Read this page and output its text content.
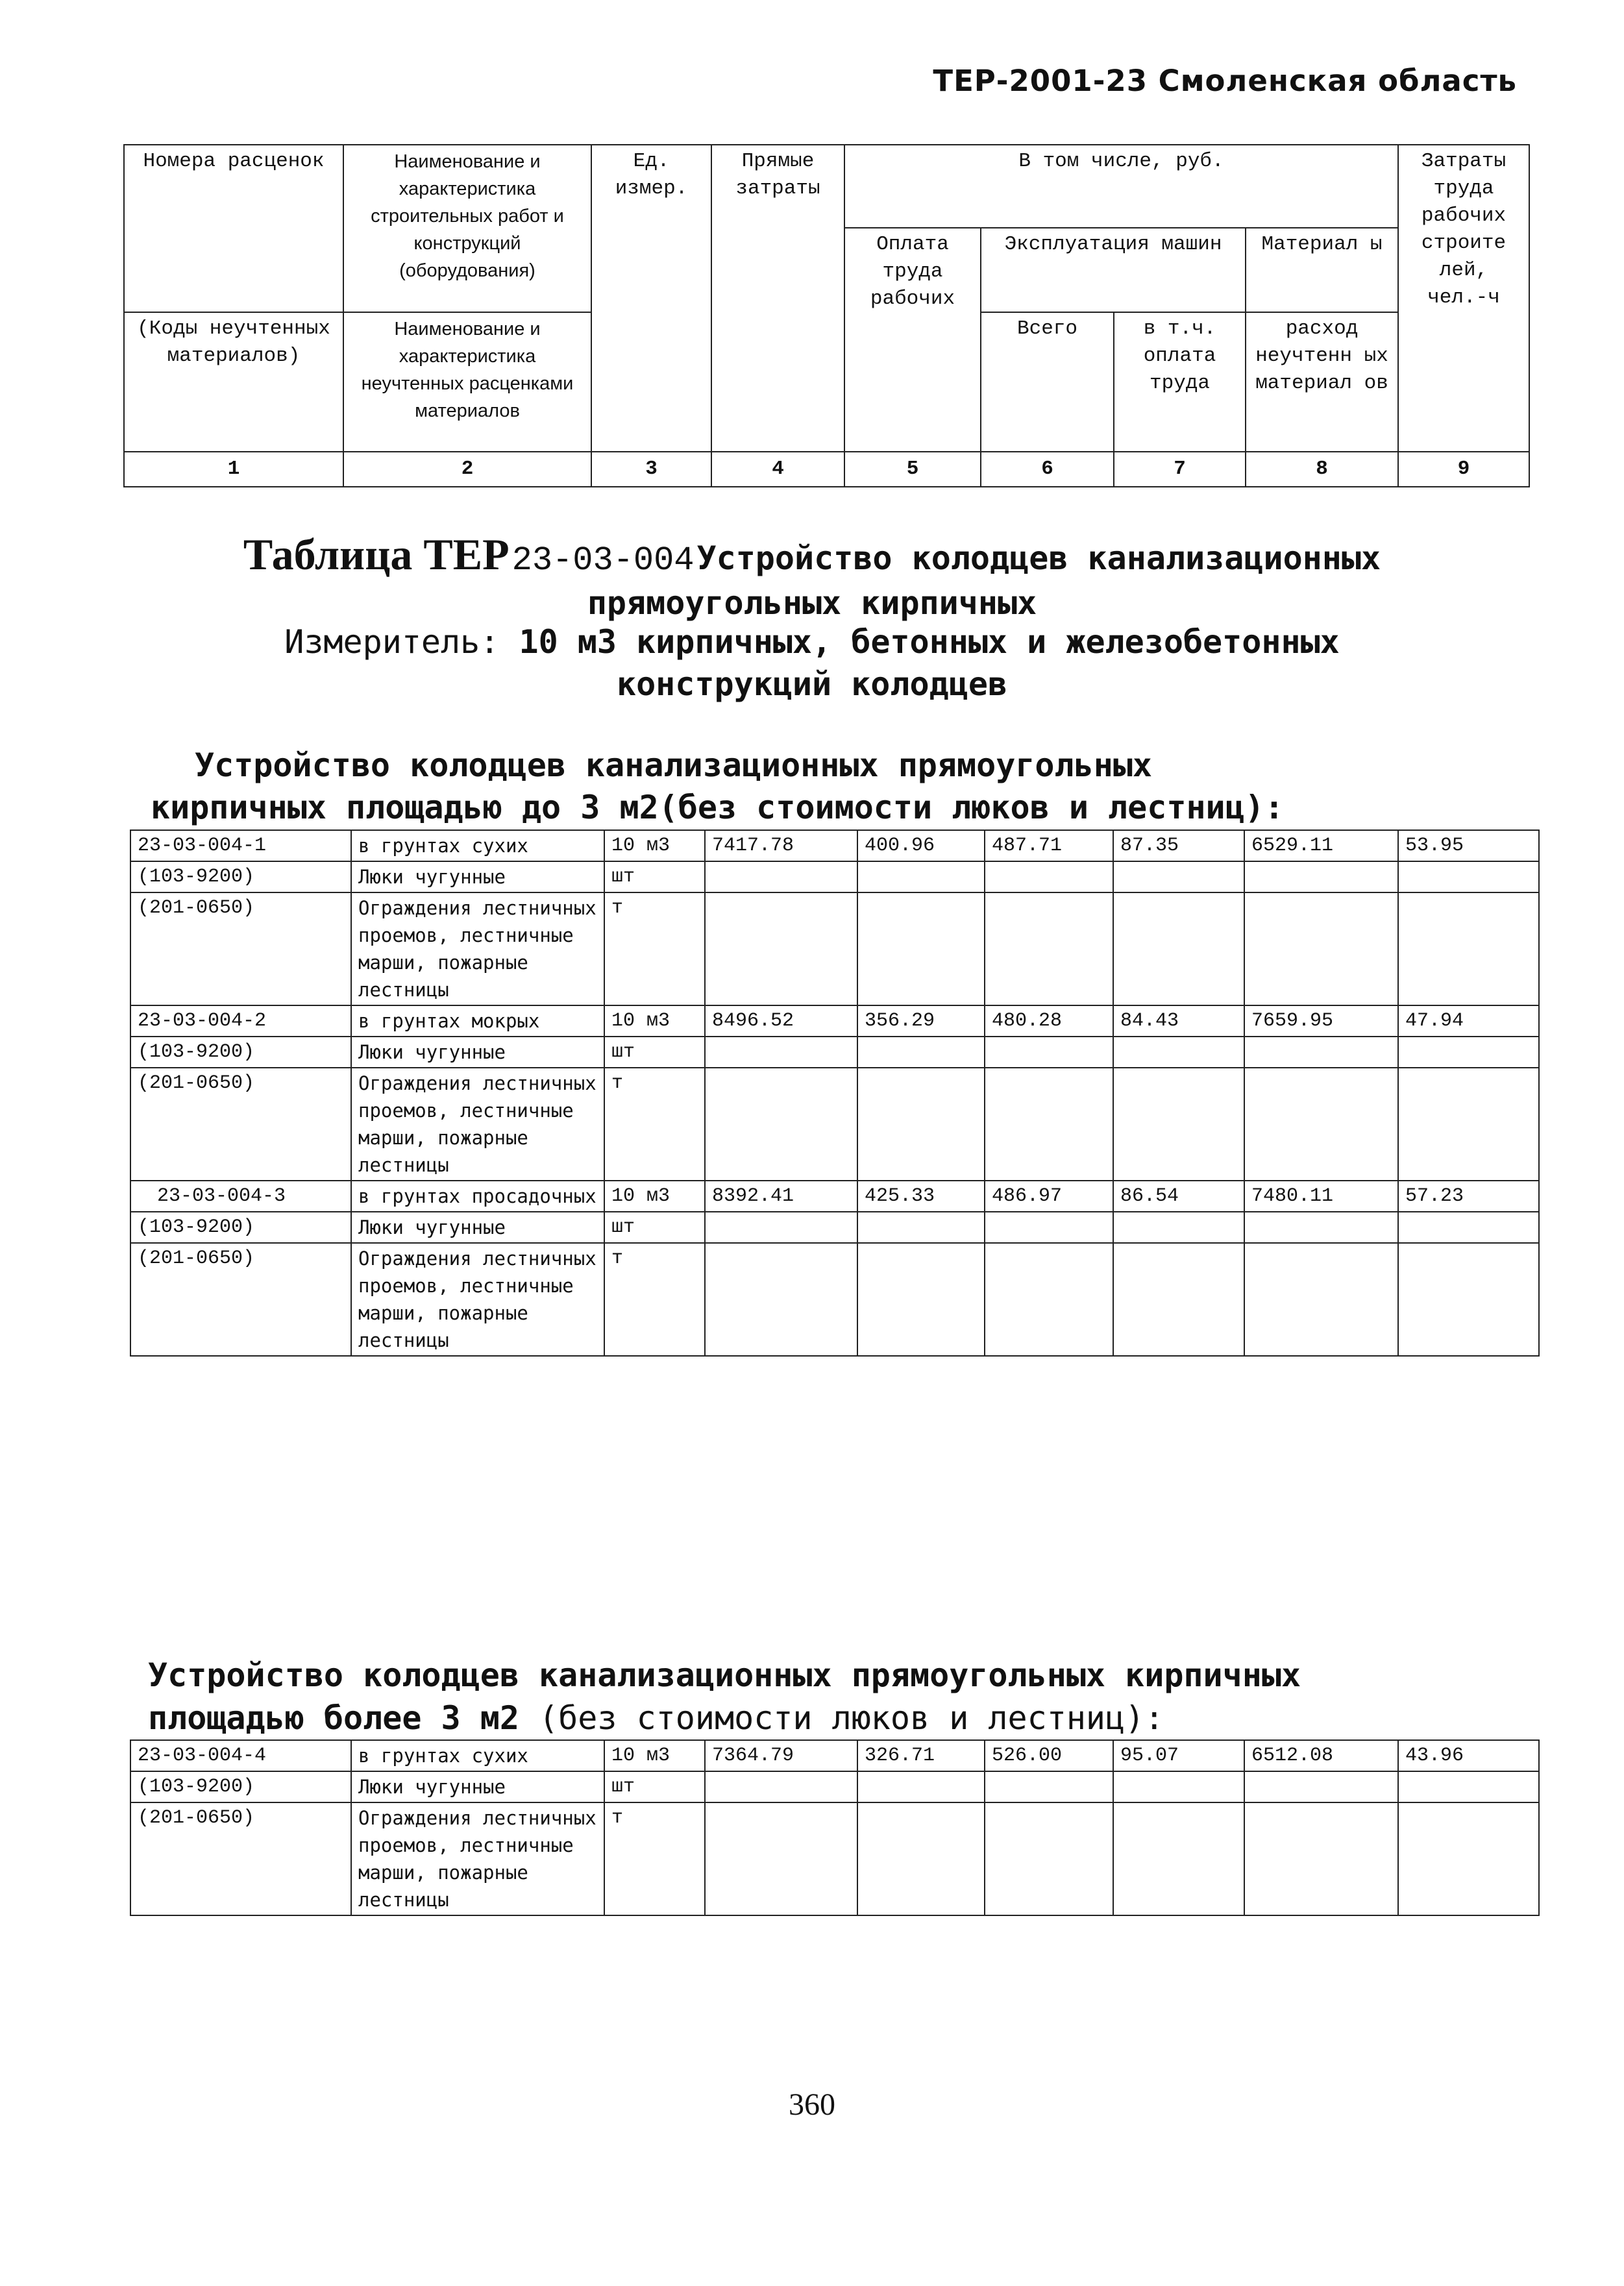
ТЕР-2001-23 Смоленская область
Номера расценок	Наименование и характеристика строительных работ и конструкций (оборудования)	Ед. измер.	Прямые затраты	В том числе, руб.				Затраты труда рабочих строите лей, чел.-ч
				Оплата труда рабочих	Эксплуатация машин		Материал ы	
(Коды неучтенных материалов)	Наименование и характеристика неучтенных расценками материалов				Всего	в т.ч. оплата труда	расход неучтенн ых материал ов	
1	2	3	4	5	6	7	8	9
Таблица ТЕР 23-03-004 Устройство колодцев канализационных
прямоугольных кирпичных
Измеритель: 10 м3 кирпичных, бетонных и железобетонных
конструкций колодцев
Устройство колодцев канализационных прямоугольных
кирпичных площадью до 3 м2(без стоимости люков и лестниц):
23-03-004-1	в грунтах сухих	10 м3	7417.78	400.96	487.71	87.35	6529.11	53.95
(103-9200)	Люки чугунные	шт						
(201-0650)	Ограждения лестничных проемов, лестничные марши, пожарные лестницы	т						
23-03-004-2	в грунтах мокрых	10 м3	8496.52	356.29	480.28	84.43	7659.95	47.94
(103-9200)	Люки чугунные	шт						
(201-0650)	Ограждения лестничных проемов, лестничные марши, пожарные лестницы	т						
23-03-004-3	в грунтах просадочных	10 м3	8392.41	425.33	486.97	86.54	7480.11	57.23
(103-9200)	Люки чугунные	шт						
(201-0650)	Ограждения лестничных проемов, лестничные марши, пожарные лестницы	т						
Устройство колодцев канализационных прямоугольных кирпичных
площадью более 3 м2 (без стоимости люков и лестниц):
23-03-004-4	в грунтах сухих	10 м3	7364.79	326.71	526.00	95.07	6512.08	43.96
(103-9200)	Люки чугунные	шт						
(201-0650)	Ограждения лестничных проемов, лестничные марши, пожарные лестницы	т						
360
